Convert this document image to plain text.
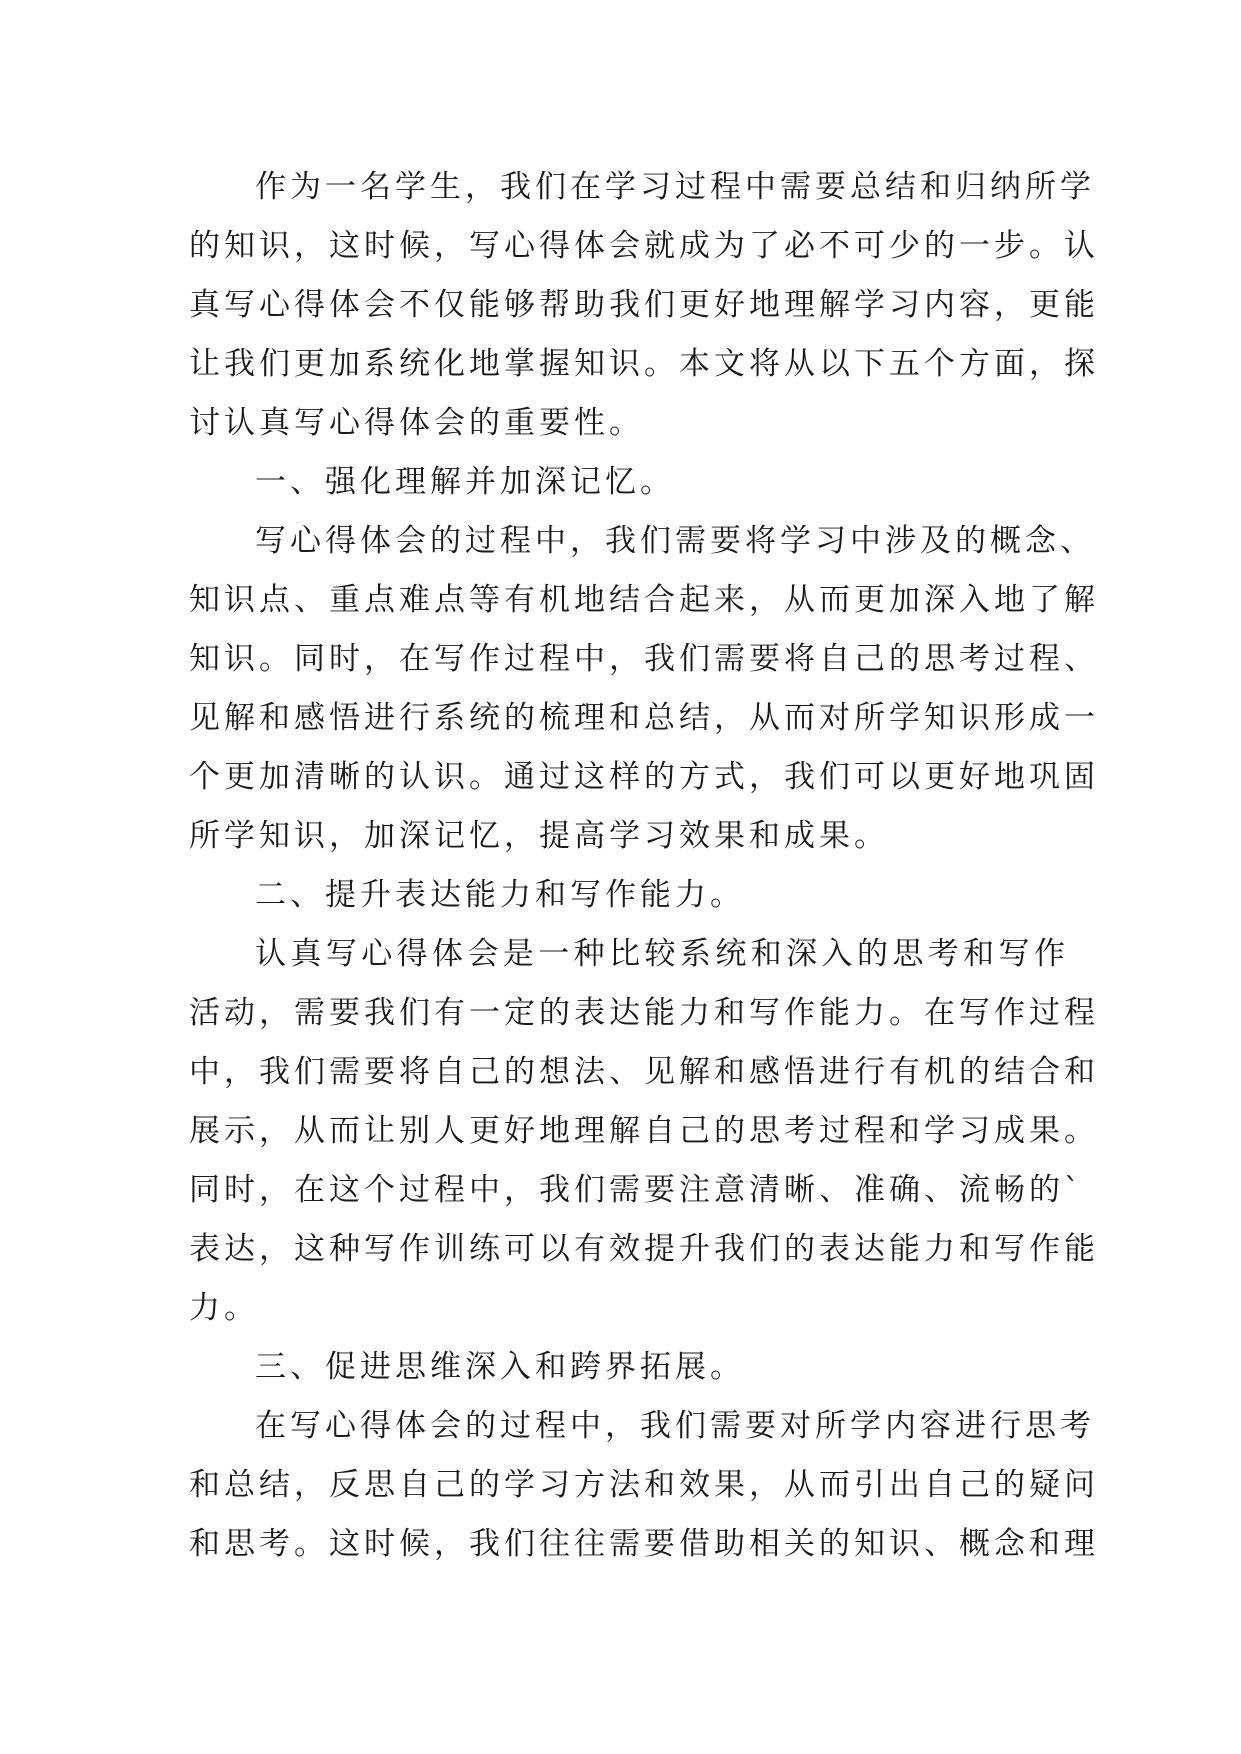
作为一名学生，我们在学习过程中需要总结和归纳所学
的知识，这时候，写心得体会就成为了必不可少的一步。认
真写心得体会不仅能够帮助我们更好地理解学习内容，更能
让我们更加系统化地掌握知识。本文将从以下五个方面，探
讨认真写心得体会的重要性。
一、强化理解并加深记忆。
写心得体会的过程中，我们需要将学习中涉及的概念、
知识点、重点难点等有机地结合起来，从而更加深入地了解
知识。同时，在写作过程中，我们需要将自己的思考过程、
见解和感悟进行系统的梳理和总结，从而对所学知识形成一
个更加清晰的认识。通过这样的方式，我们可以更好地巩固
所学知识，加深记忆，提高学习效果和成果。
二、提升表达能力和写作能力。
认真写心得体会是一种比较系统和深入的思考和写作
活动，需要我们有一定的表达能力和写作能力。在写作过程
中，我们需要将自己的想法、见解和感悟进行有机的结合和
展示，从而让别人更好地理解自己的思考过程和学习成果。
同时，在这个过程中，我们需要注意清晰、准确、流畅的`
表达，这种写作训练可以有效提升我们的表达能力和写作能
力。
三、促进思维深入和跨界拓展。
在写心得体会的过程中，我们需要对所学内容进行思考
和总结，反思自己的学习方法和效果，从而引出自己的疑问
和思考。这时候，我们往往需要借助相关的知识、概念和理
